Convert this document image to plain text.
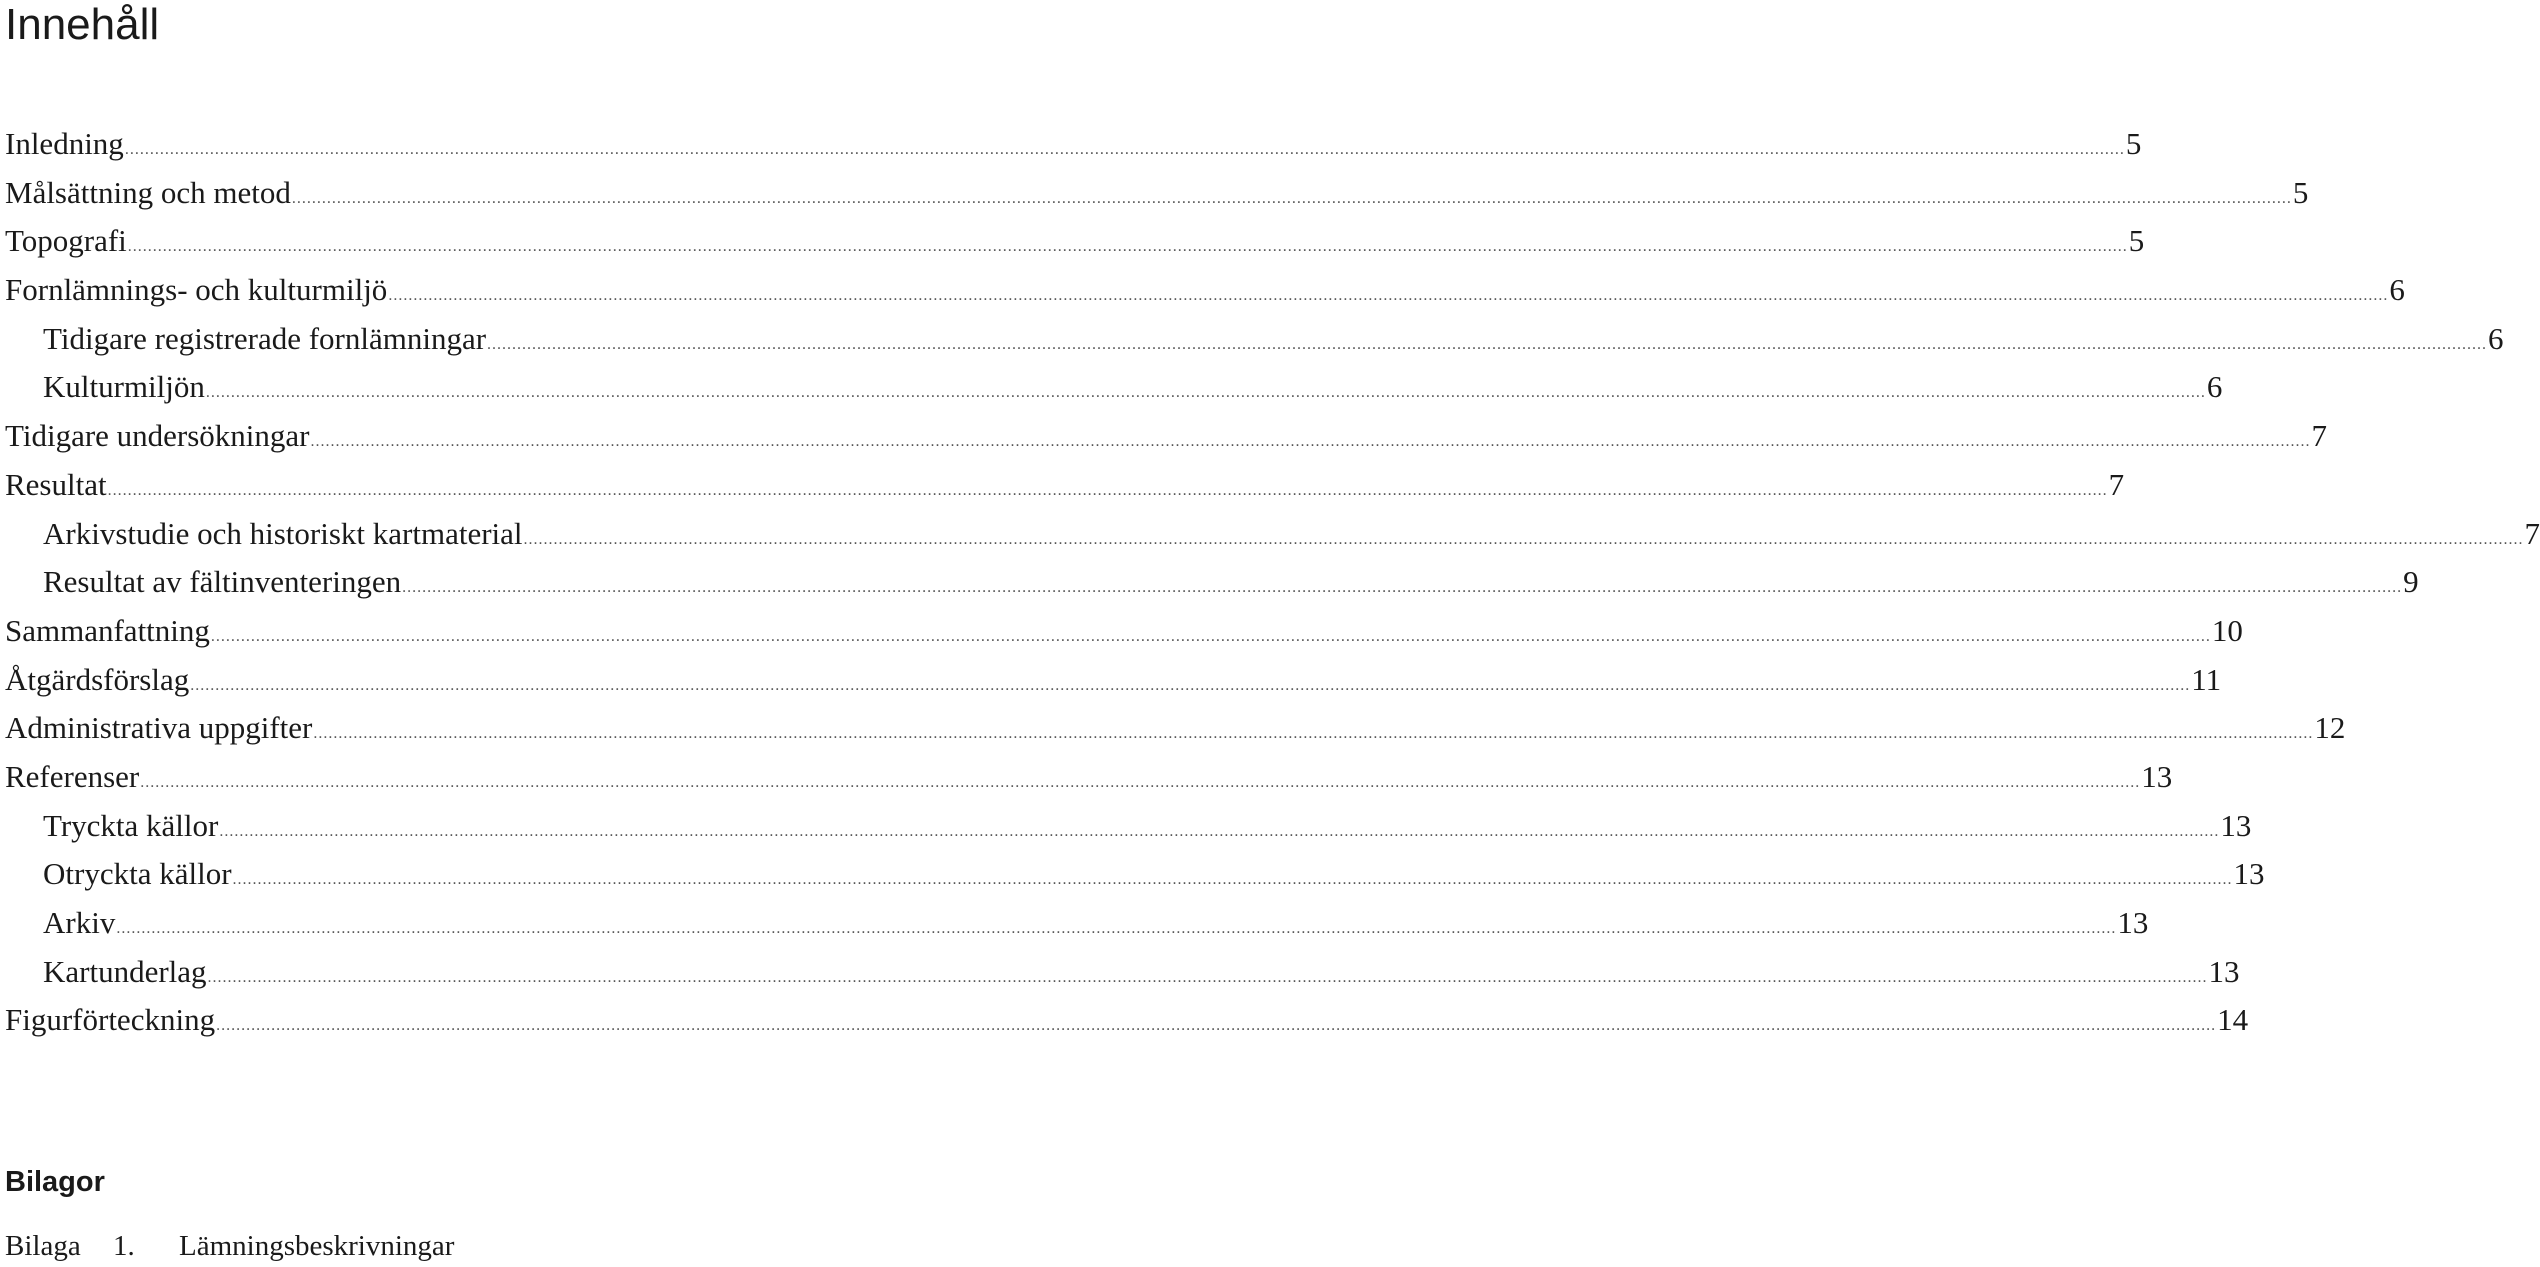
Innehåll
Inledning ................................................................................................................................................................................................................................................................................................................................................................................................................ 5
Målsättning och metod ................................................................................................................................................................................................................................................................................................................................................................................................................ 5
Topografi ................................................................................................................................................................................................................................................................................................................................................................................................................ 5
Fornlämnings- och kulturmiljö ................................................................................................................................................................................................................................................................................................................................................................................................................ 6
Tidigare registrerade fornlämningar ................................................................................................................................................................................................................................................................................................................................................................................................................ 6
Kulturmiljön ................................................................................................................................................................................................................................................................................................................................................................................................................ 6
Tidigare undersökningar ................................................................................................................................................................................................................................................................................................................................................................................................................ 7
Resultat ................................................................................................................................................................................................................................................................................................................................................................................................................ 7
Arkivstudie och historiskt kartmaterial ................................................................................................................................................................................................................................................................................................................................................................................................................ 7
Resultat av fältinventeringen ................................................................................................................................................................................................................................................................................................................................................................................................................ 9
Sammanfattning ................................................................................................................................................................................................................................................................................................................................................................................................................ 10
Åtgärdsförslag ................................................................................................................................................................................................................................................................................................................................................................................................................ 11
Administrativa uppgifter ................................................................................................................................................................................................................................................................................................................................................................................................................ 12
Referenser ................................................................................................................................................................................................................................................................................................................................................................................................................ 13
Tryckta källor ................................................................................................................................................................................................................................................................................................................................................................................................................ 13
Otryckta källor ................................................................................................................................................................................................................................................................................................................................................................................................................ 13
Arkiv ................................................................................................................................................................................................................................................................................................................................................................................................................ 13
Kartunderlag ................................................................................................................................................................................................................................................................................................................................................................................................................ 13
Figurförteckning ................................................................................................................................................................................................................................................................................................................................................................................................................ 14
Bilagor
Bilaga 1. Lämningsbeskrivningar
